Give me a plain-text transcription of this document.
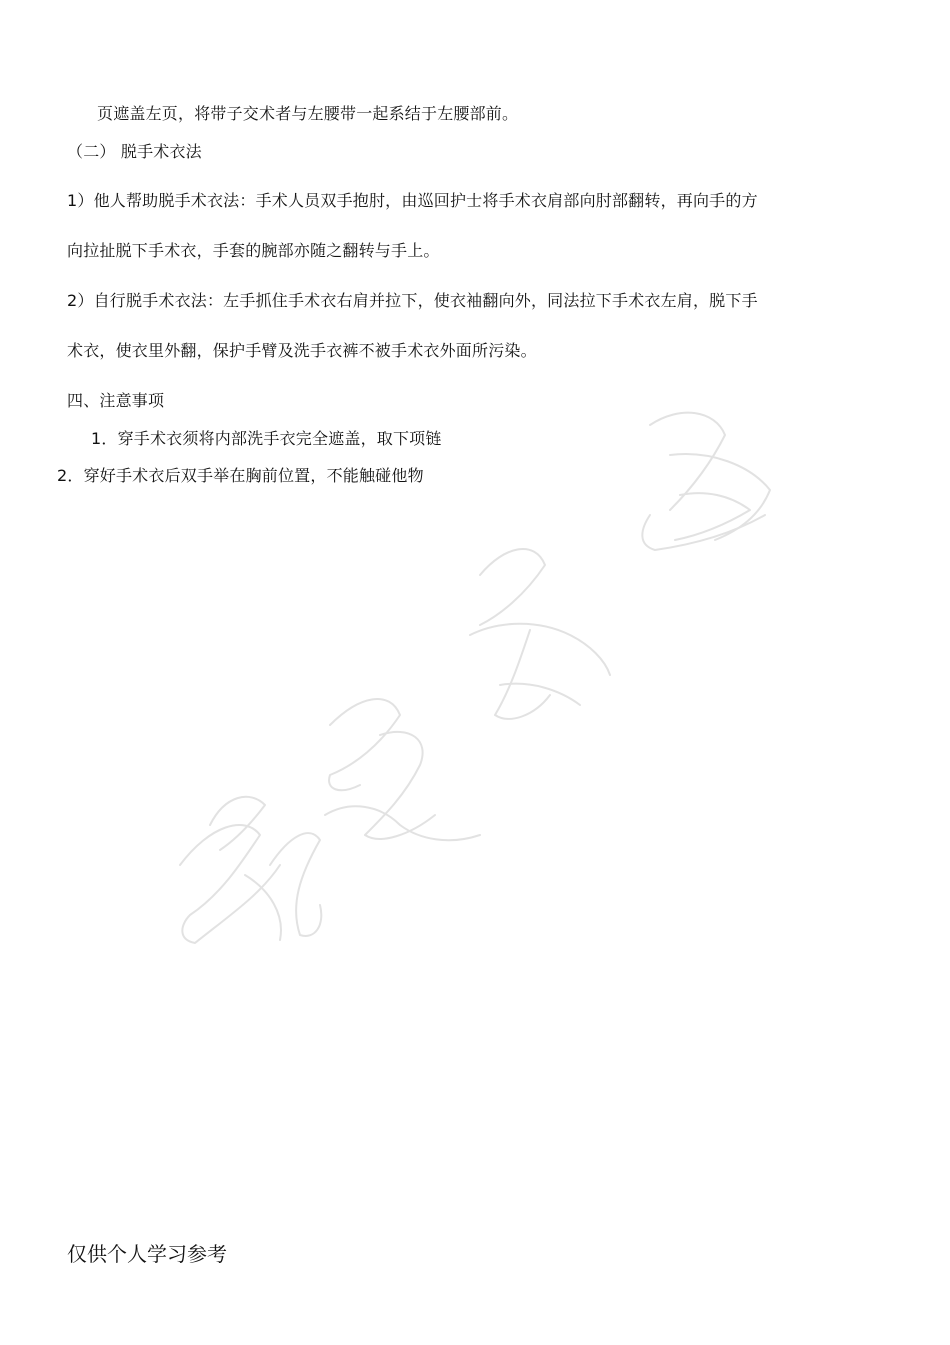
页遮盖左页，将带子交术者与左腰带一起系结于左腰部前。
（二） 脱手术衣法
1）他人帮助脱手术衣法：手术人员双手抱肘，由巡回护士将手术衣肩部向肘部翻转，再向手的方
向拉扯脱下手术衣，手套的腕部亦随之翻转与手上。
2）自行脱手术衣法：左手抓住手术衣右肩并拉下，使衣袖翻向外，同法拉下手术衣左肩，脱下手
术衣，使衣里外翻，保护手臂及洗手衣裤不被手术衣外面所污染。
四、注意事项
1．穿手术衣须将内部洗手衣完全遮盖，取下项链
2．穿好手术衣后双手举在胸前位置，不能触碰他物
仅供个人学习参考
